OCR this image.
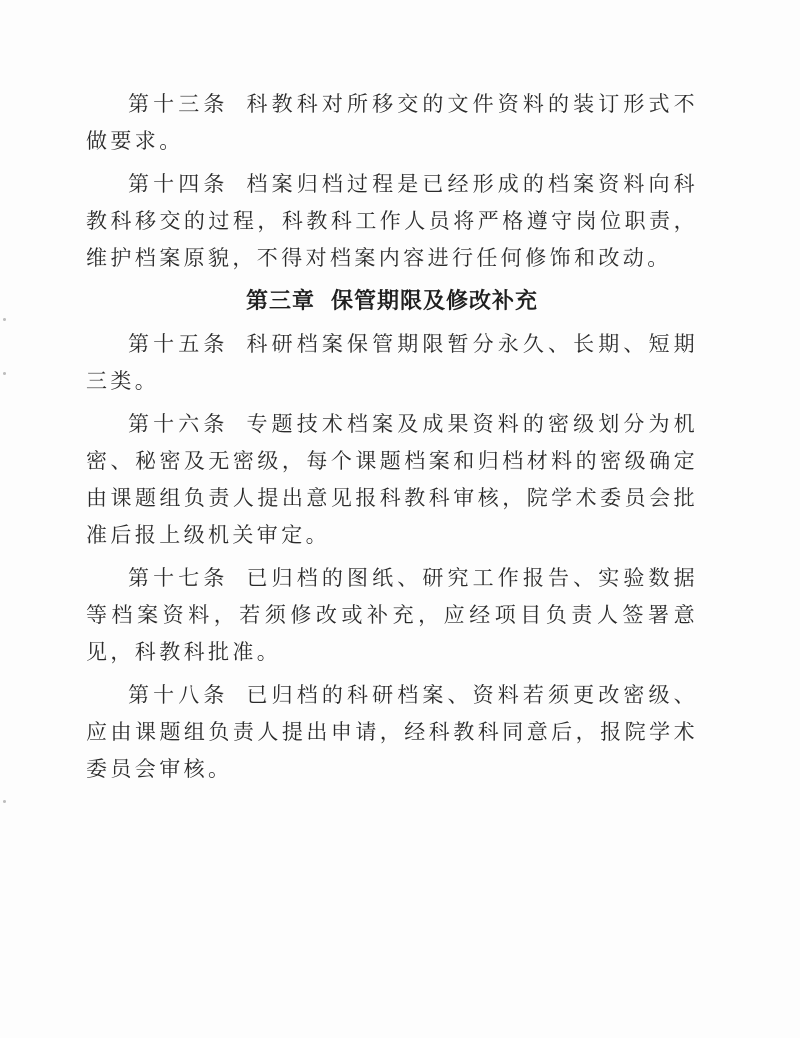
第十三条 科教科对所移交的文件资料的装订形式不做要求。

第十四条 档案归档过程是已经形成的档案资料向科教科移交的过程，科教科工作人员将严格遵守岗位职责，维护档案原貌，不得对档案内容进行任何修饰和改动。

第三章 保管期限及修改补充

第十五条 科研档案保管期限暂分永久、长期、短期三类。

第十六条 专题技术档案及成果资料的密级划分为机密、秘密及无密级，每个课题档案和归档材料的密级确定由课题组负责人提出意见报科教科审核，院学术委员会批准后报上级机关审定。

第十七条 已归档的图纸、研究工作报告、实验数据等档案资料，若须修改或补充，应经项目负责人签署意见，科教科批准。

第十八条 已归档的科研档案、资料若须更改密级、应由课题组负责人提出申请，经科教科同意后，报院学术委员会审核。
